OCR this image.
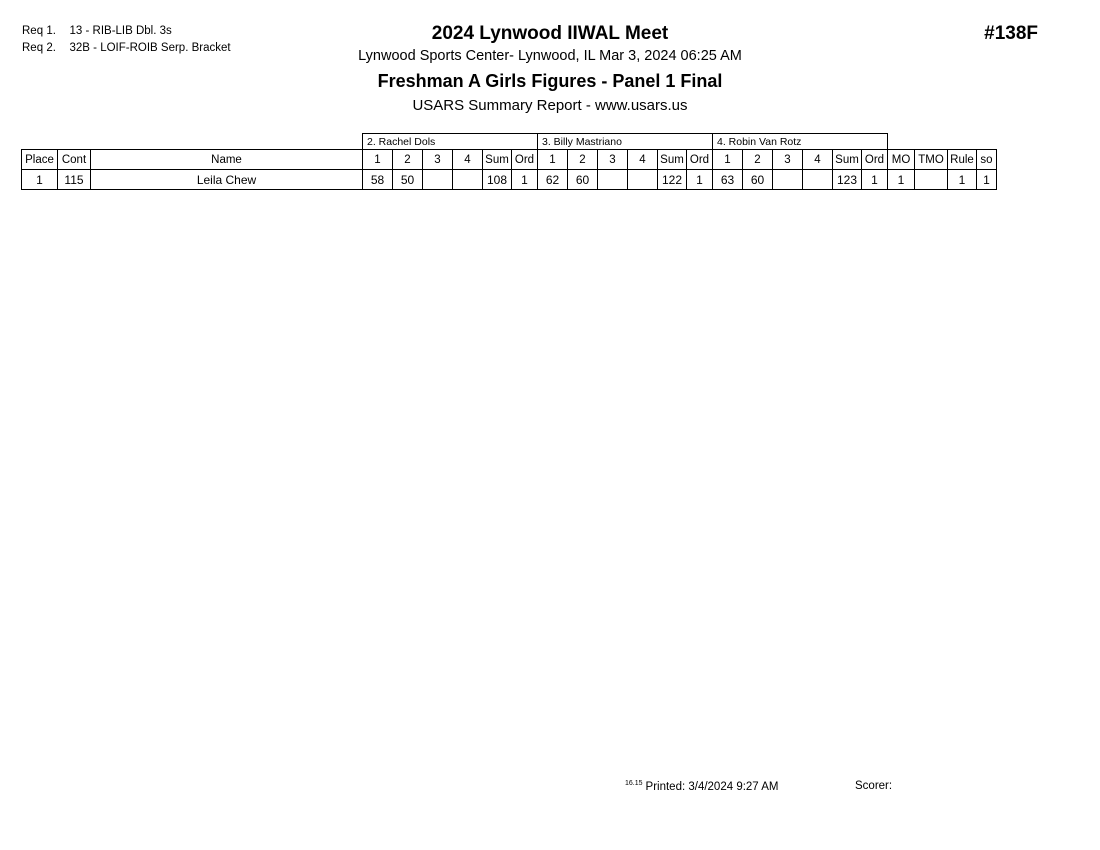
Req 1. 13 - RIB-LIB Dbl. 3s
Req 2. 32B - LOIF-ROIB Serp. Bracket
2024 Lynwood IIWAL Meet
Lynwood Sports Center- Lynwood, IL Mar 3, 2024 06:25 AM
Freshman A Girls Figures - Panel 1 Final
USARS Summary Report - www.usars.us
#138F
			2. Rachel Dols						3. Billy Mastriano						4. Robin Van Rotz									
Place	Cont	Name	1	2	3	4	Sum	Ord	1	2	3	4	Sum	Ord	1	2	3	4	Sum	Ord	MO	TMO	Rule	so
1	115	Leila Chew	58	50			108	1	62	60			122	1	63	60			123	1	1		1	1
$^{16.15}$ Printed: 3/4/2024 9:27 AM	Scorer:
